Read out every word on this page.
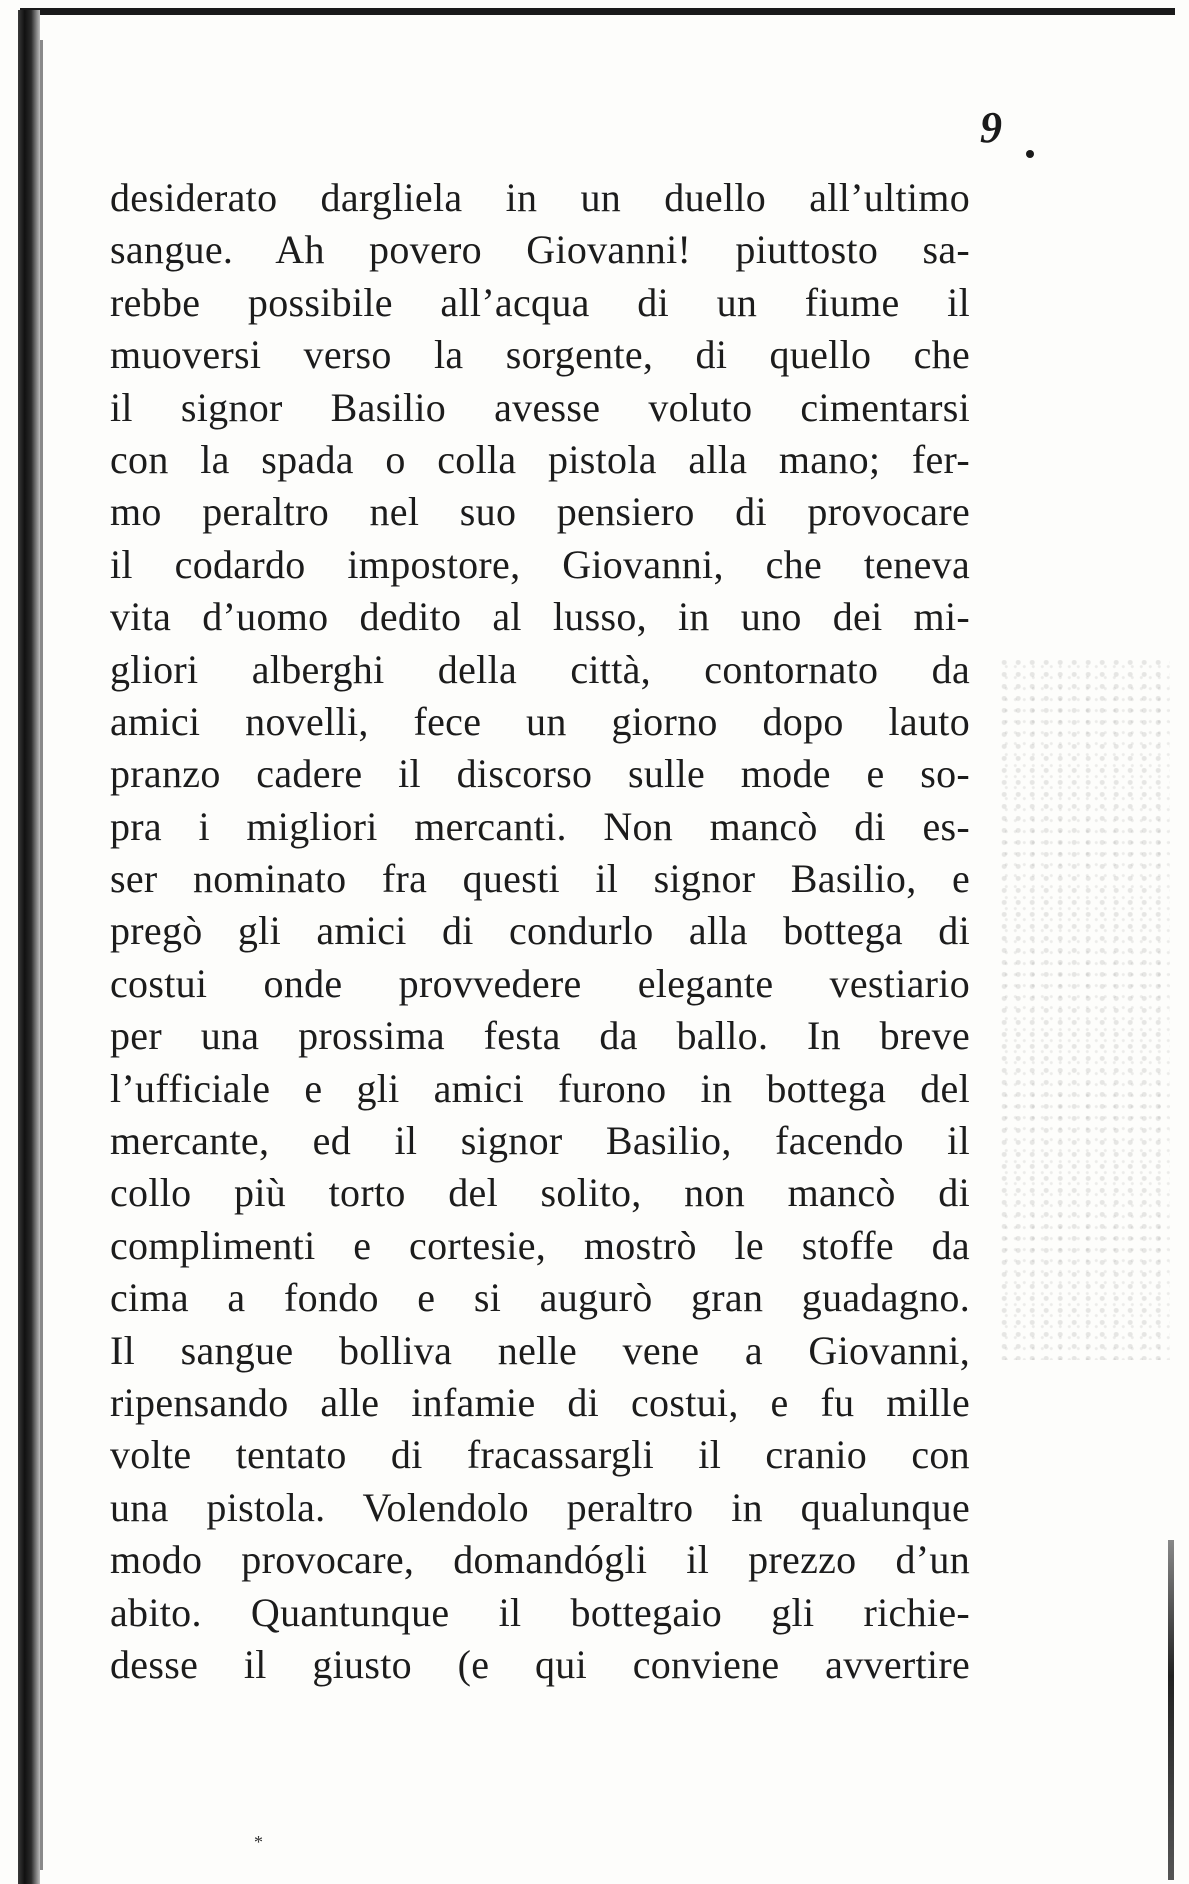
9
desiderato dargliela in un duello all’ultimo
sangue. Ah povero Giovanni! piuttosto sa-
rebbe possibile all’acqua di un fiume il
muoversi verso la sorgente, di quello che
il signor Basilio avesse voluto cimentarsi
con la spada o colla pistola alla mano; fer-
mo peraltro nel suo pensiero di provocare
il codardo impostore, Giovanni, che teneva
vita d’uomo dedito al lusso, in uno dei mi-
gliori alberghi della città, contornato da
amici novelli, fece un giorno dopo lauto
pranzo cadere il discorso sulle mode e so-
pra i migliori mercanti. Non mancò di es-
ser nominato fra questi il signor Basilio, e
pregò gli amici di condurlo alla bottega di
costui onde provvedere elegante vestiario
per una prossima festa da ballo. In breve
l’ufficiale e gli amici furono in bottega del
mercante, ed il signor Basilio, facendo il
collo più torto del solito, non mancò di
complimenti e cortesie, mostrò le stoffe da
cima a fondo e si augurò gran guadagno.
Il sangue bolliva nelle vene a Giovanni,
ripensando alle infamie di costui, e fu mille
volte tentato di fracassargli il cranio con
una pistola. Volendolo peraltro in qualunque
modo provocare, domandógli il prezzo d’un
abito. Quantunque il bottegaio gli richie-
desse il giusto (e qui conviene avvertire
*
